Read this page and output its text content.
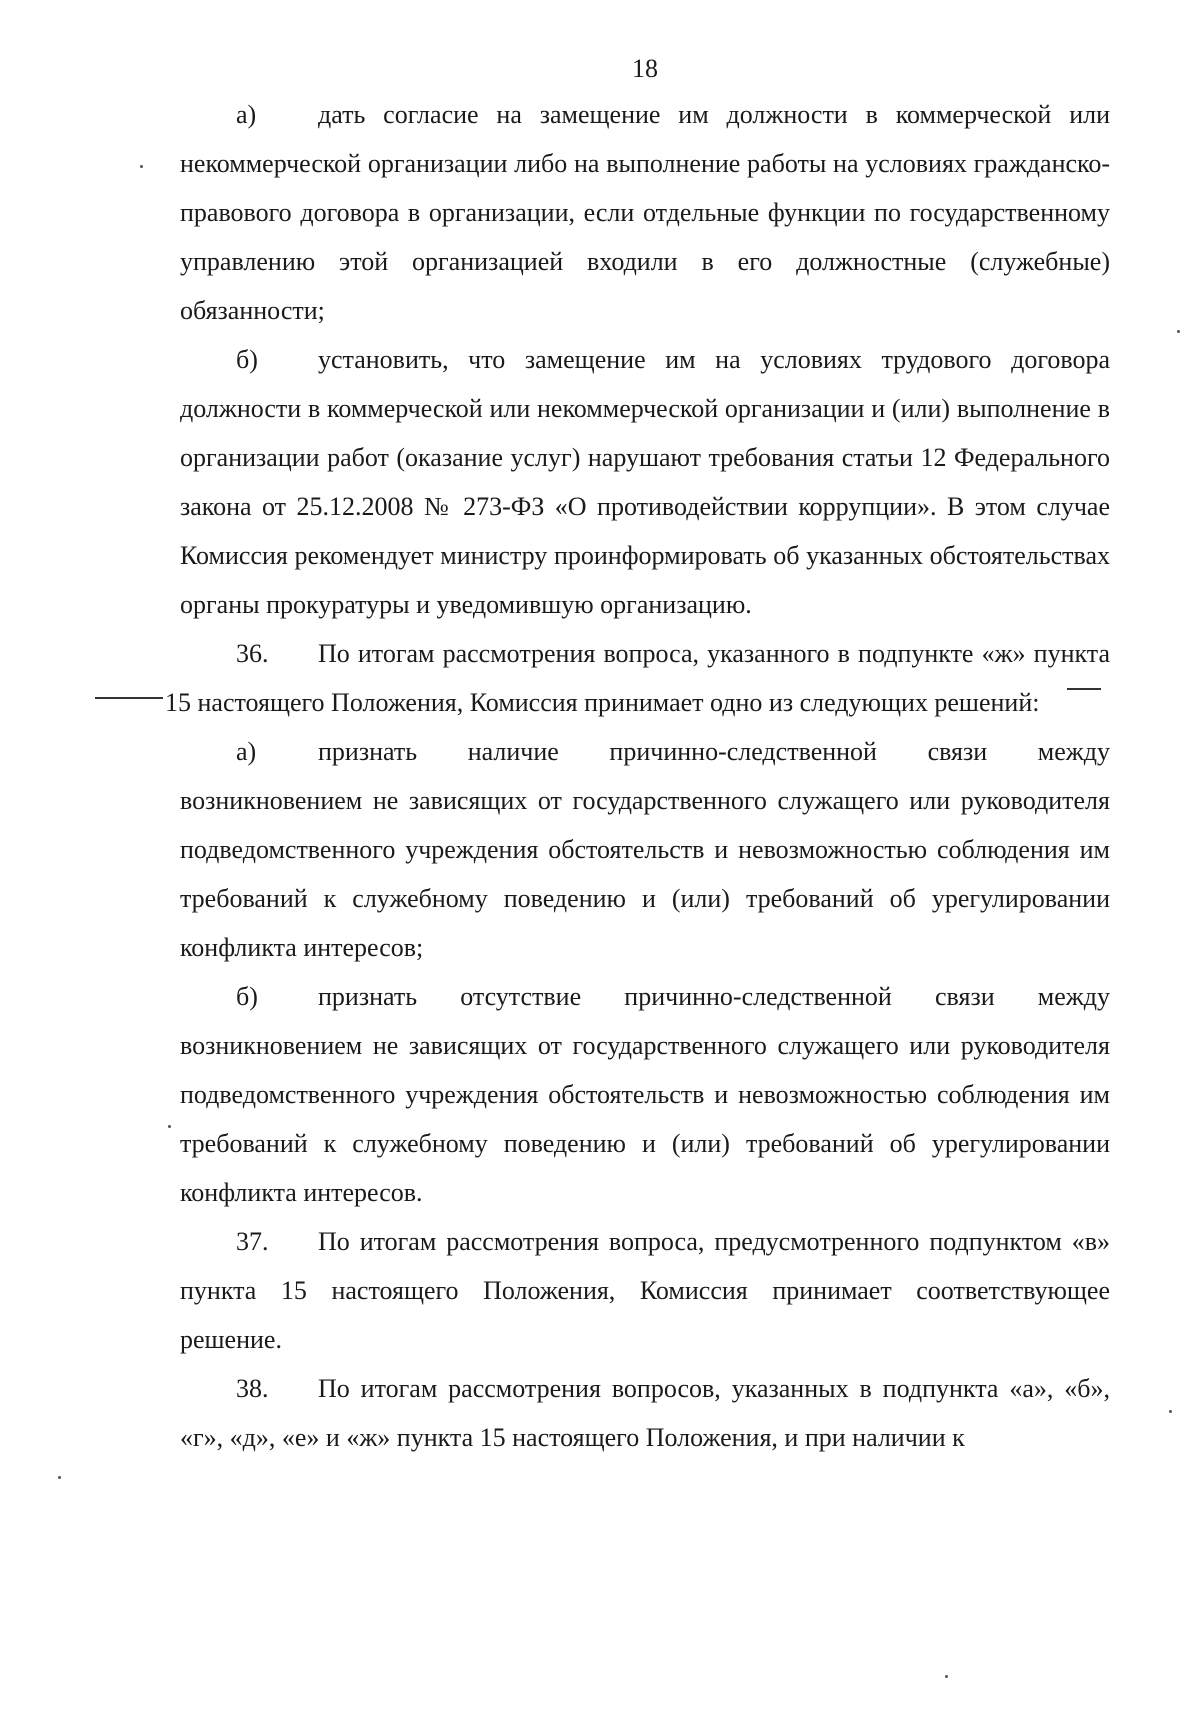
18

а) дать согласие на замещение им должности в коммерческой или некоммерческой организации либо на выполнение работы на условиях гражданско-правового договора в организации, если отдельные функции по государственному управлению этой организацией входили в его должностные (служебные) обязанности;

б) установить, что замещение им на условиях трудового договора должности в коммерческой или некоммерческой организации и (или) выполнение в организации работ (оказание услуг) нарушают требования статьи 12 Федерального закона от 25.12.2008 № 273-ФЗ «О противодействии коррупции». В этом случае Комиссия рекомендует министру проинформировать об указанных обстоятельствах органы прокуратуры и уведомившую организацию.

36. По итогам рассмотрения вопроса, указанного в подпункте «ж» пункта 15 настоящего Положения, Комиссия принимает одно из следующих решений:

а) признать наличие причинно-следственной связи между возникновением не зависящих от государственного служащего или руководителя подведомственного учреждения обстоятельств и невозможностью соблюдения им требований к служебному поведению и (или) требований об урегулировании конфликта интересов;

б) признать отсутствие причинно-следственной связи между возникновением не зависящих от государственного служащего или руководителя подведомственного учреждения обстоятельств и невозможностью соблюдения им требований к служебному поведению и (или) требований об урегулировании конфликта интересов.

37. По итогам рассмотрения вопроса, предусмотренного подпунктом «в» пункта 15 настоящего Положения, Комиссия принимает соответствующее решение.

38. По итогам рассмотрения вопросов, указанных в подпункта «а», «б», «г», «д», «е» и «ж» пункта 15 настоящего Положения, и при наличии к
